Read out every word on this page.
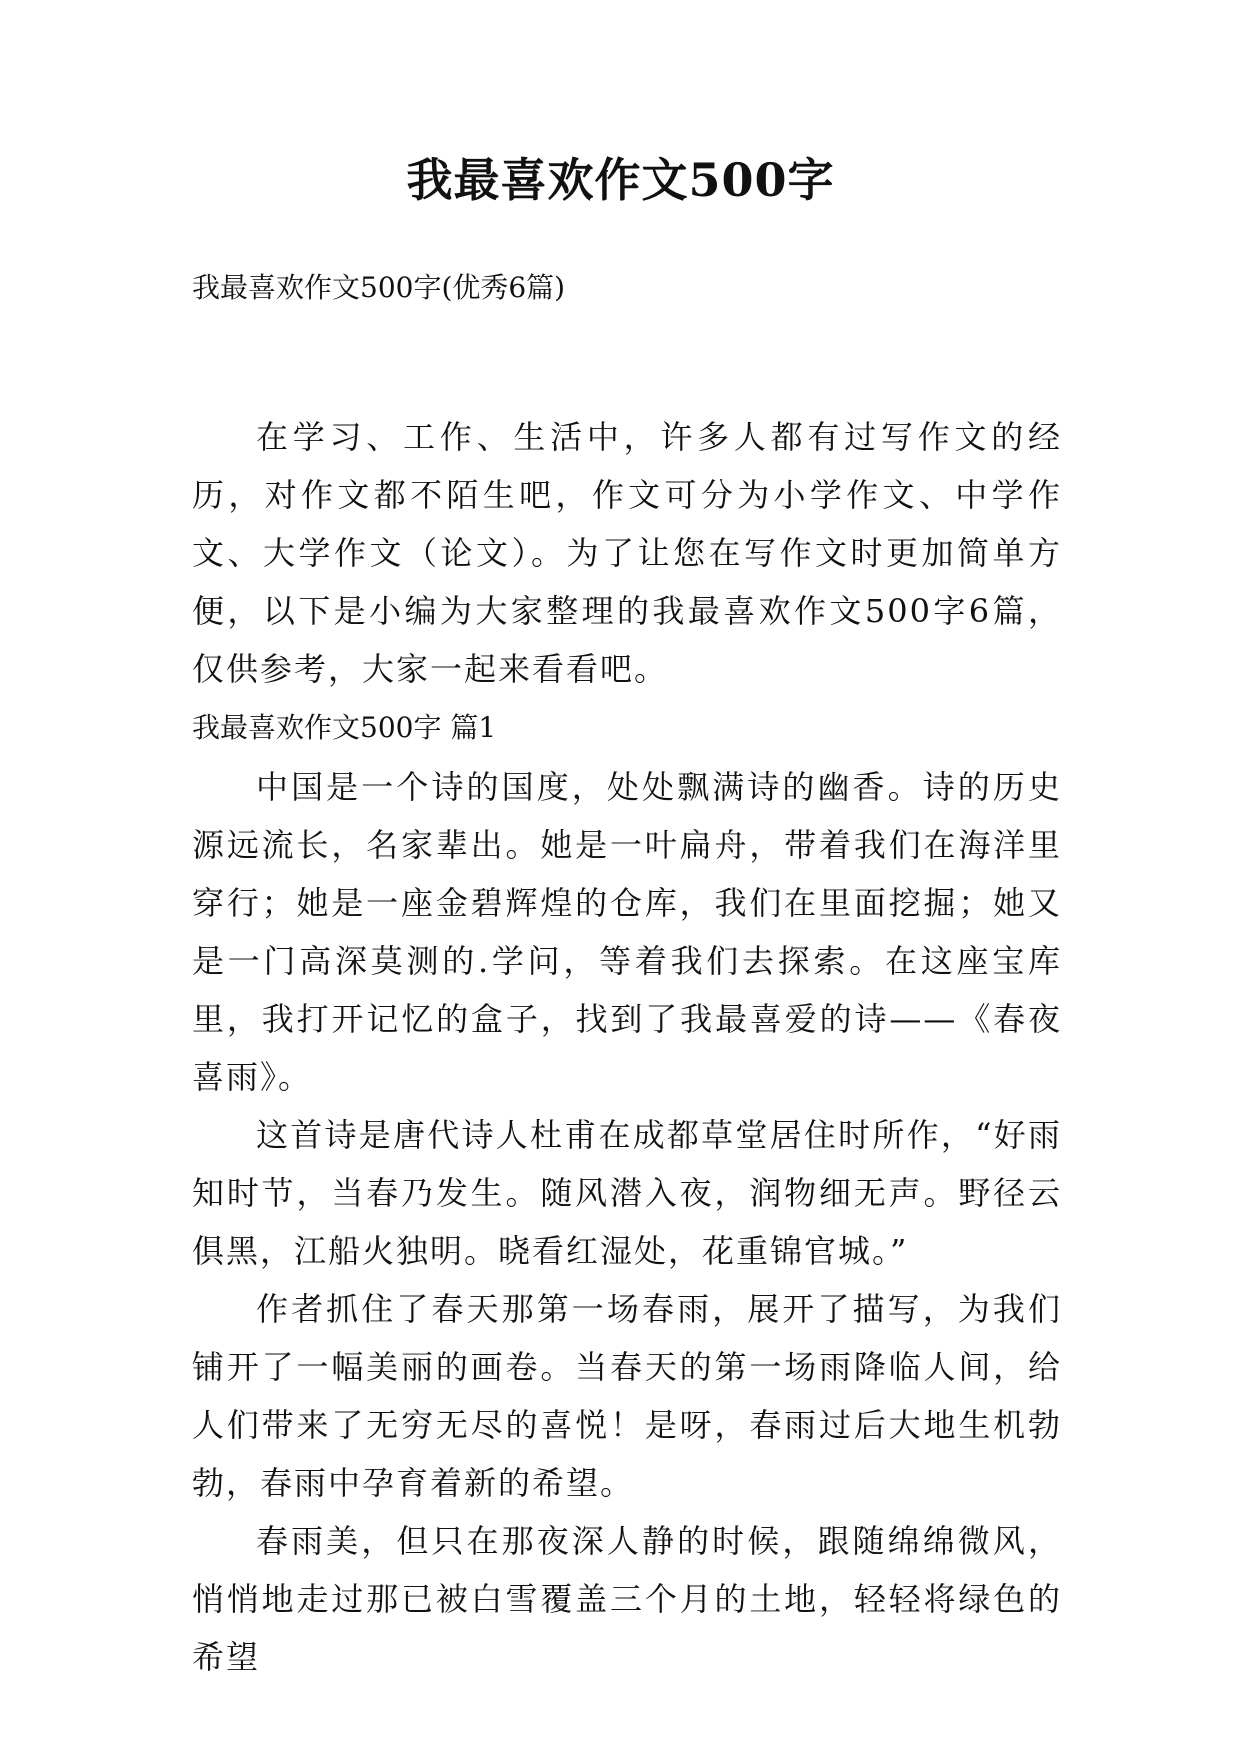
我最喜欢作文500字

我最喜欢作文500字(优秀6篇)

在学习、工作、生活中，许多人都有过写作文的经历，对作文都不陌生吧，作文可分为小学作文、中学作文、大学作文（论文）。为了让您在写作文时更加简单方便，以下是小编为大家整理的我最喜欢作文500字6篇，仅供参考，大家一起来看看吧。

我最喜欢作文500字 篇1

中国是一个诗的国度，处处飘满诗的幽香。诗的历史源远流长，名家辈出。她是一叶扁舟，带着我们在海洋里穿行；她是一座金碧辉煌的仓库，我们在里面挖掘；她又是一门高深莫测的.学问，等着我们去探索。在这座宝库里，我打开记忆的盒子，找到了我最喜爱的诗——《春夜喜雨》。

这首诗是唐代诗人杜甫在成都草堂居住时所作，“好雨知时节，当春乃发生。随风潜入夜，润物细无声。野径云俱黑，江船火独明。晓看红湿处，花重锦官城。”

作者抓住了春天那第一场春雨，展开了描写，为我们铺开了一幅美丽的画卷。当春天的第一场雨降临人间，给人们带来了无穷无尽的喜悦！是呀，春雨过后大地生机勃勃，春雨中孕育着新的希望。

春雨美，但只在那夜深人静的时候，跟随绵绵微风，悄悄地走过那已被白雪覆盖三个月的土地，轻轻将绿色的希望
